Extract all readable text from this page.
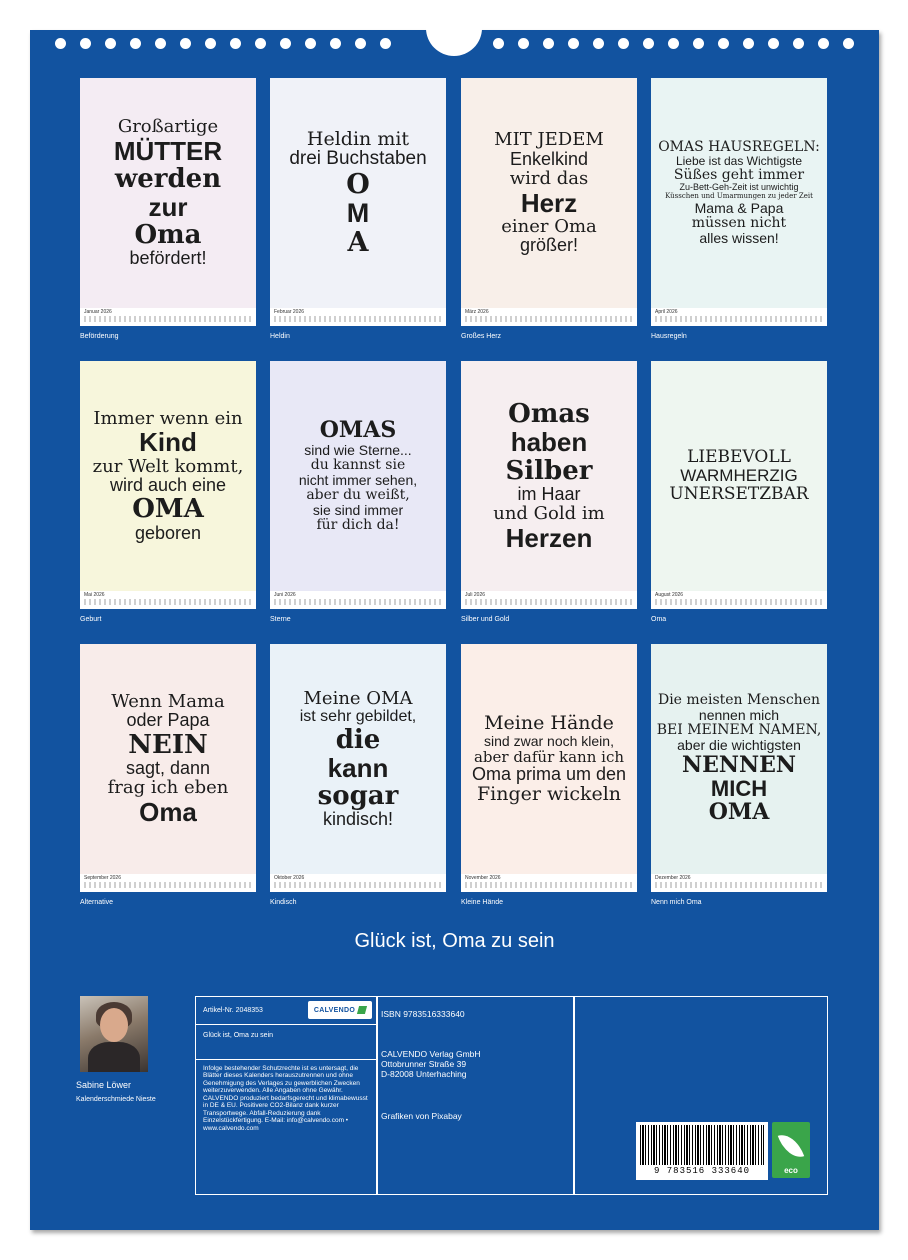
Großartige
MÜTTER
werden
zur
Oma
befördert!
Januar 2026
Beförderung
Heldin mit
drei Buchstaben
O
M
A
Februar 2026
Heldin
MIT JEDEM
Enkelkind
wird das
Herz
einer Oma
größer!
März 2026
Großes Herz
OMAS HAUSREGELN:
Liebe ist das Wichtigste
Süßes geht immer
Zu-Bett-Geh-Zeit ist unwichtig
Küsschen und Umarmungen zu jeder Zeit
Mama & Papa
müssen nicht
alles wissen!
April 2026
Hausregeln
Immer wenn ein
Kind
zur Welt kommt,
wird auch eine
OMA
geboren
Mai 2026
Geburt
OMAS
sind wie Sterne...
du kannst sie
nicht immer sehen,
aber du weißt,
sie sind immer
für dich da!
Juni 2026
Sterne
Omas
haben
Silber
im Haar
und Gold im
Herzen
Juli 2026
Silber und Gold
LIEBEVOLL
WARMHERZIG
UNERSETZBAR
August 2026
Oma
Wenn Mama
oder Papa
NEIN
sagt, dann
frag ich eben
Oma
September 2026
Alternative
Meine OMA
ist sehr gebildet,
die
kann
sogar
kindisch!
Oktober 2026
Kindisch
Meine Hände
sind zwar noch klein,
aber dafür kann ich
Oma prima um den
Finger wickeln
November 2026
Kleine Hände
Die meisten Menschen
nennen mich
BEI MEINEM NAMEN,
aber die wichtigsten
NENNEN
MICH
OMA
Dezember 2026
Nenn mich Oma
Glück ist, Oma zu sein
Sabine Löwer
Kalenderschmiede Nieste
Artikel-Nr. 2048353	CALVENDO
Glück ist, Oma zu sein
Infolge bestehender Schutzrechte ist es untersagt, die Blätter dieses Kalenders herauszutrennen und ohne Genehmigung des Verlages zu gewerblichen Zwecken weiterzuverwenden. Alle Angaben ohne Gewähr. CALVENDO produziert bedarfsgerecht und klimabewusst in DE & EU. Positivere CO2-Bilanz dank kurzer Transportwege. Abfall-Reduzierung dank Einzelstückfertigung. E-Mail: info@calvendo.com • www.calvendo.com
ISBN 9783516333640
CALVENDO Verlag GmbH
Ottobrunner Straße 39
D-82008 Unterhaching
Grafiken von Pixabay
9 783516 333640	eco
